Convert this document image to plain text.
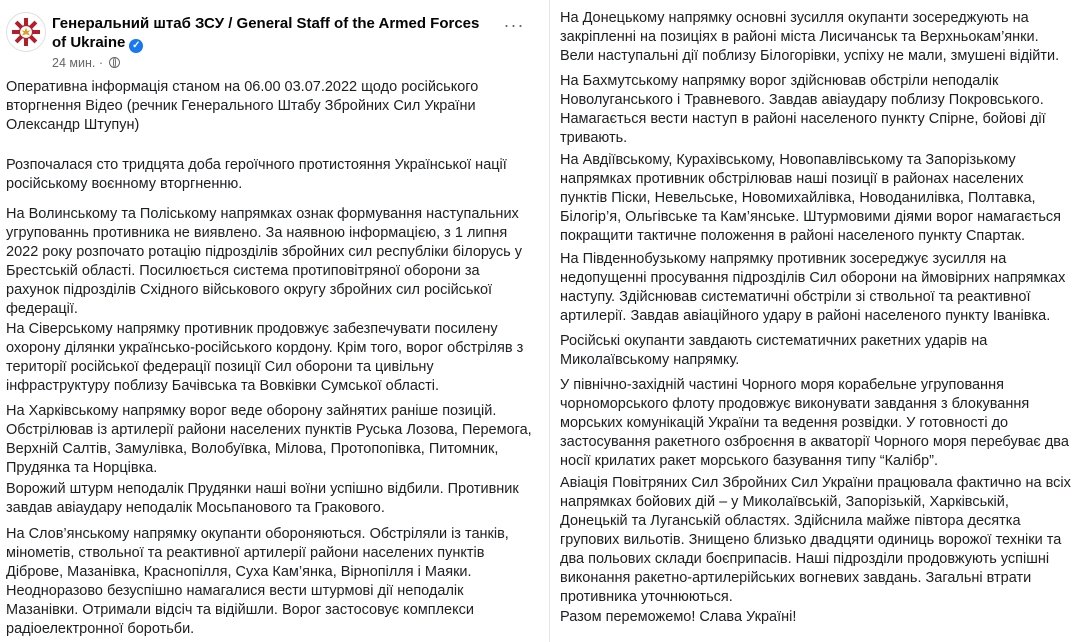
Генеральний штаб ЗСУ / General Staff of the Armed Forces of Ukraine ✓
24 мин. ·
···
Оперативна інформація станом на 06.00 03.07.2022 щодо російського вторгнення Відео (речник Генерального Штабу Збройних Сил України Олександр Штупун)
Розпочалася сто тридцята доба героїчного протистояння Української нації російському воєнному вторгненню.
На Волинському та Поліському напрямках ознак формування наступальних угрупованнь противника не виявлено. За наявною інформацією, з 1 липня 2022 року розпочато ротацію підрозділів збройних сил республіки білорусь у Брестській області. Посилюється система протиповітряної оборони за рахунок підрозділів Східного військового округу збройних сил російської федерації.
На Сіверському напрямку противник продовжує забезпечувати посилену охорону ділянки українсько-російського кордону. Крім того, ворог обстріляв з території російської федерації позиції Сил оборони та цивільну інфраструктуру поблизу Бачівська та Вовківки Сумської області.
На Харківському напрямку ворог веде оборону зайнятих раніше позицій. Обстрілював із артилерії райони населених пунктів Руська Лозова, Перемога, Верхній Салтів, Замулівка, Волобуївка, Мілова, Протопопівка, Питомник, Прудянка та Норцівка.
Ворожий штурм неподалік Прудянки наші воїни успішно відбили. Противник завдав авіаудару неподалік Мосьпанового та Гракового.
На Слов’янському напрямку окупанти обороняються. Обстріляли із танків, мінометів, ствольної та реактивної артилерії райони населених пунктів Діброве, Мазанівка, Краснопілля, Суха Кам’янка, Вірнопілля і Маяки. Неодноразово безуспішно намагалися вести штурмові дії неподалік Мазанівки. Отримали відсіч та відійшли. Ворог застосовує комплекси радіоелектронної боротьби.
На Донецькому напрямку основні зусилля окупанти зосереджують на закріпленні на позиціях в районі міста Лисичанськ та Верхньокам’янки. Вели наступальні дії поблизу Білогорівки, успіху не мали, змушені відійти.
На Бахмутському напрямку ворог здійснював обстріли неподалік Новолуганського і Травневого. Завдав авіаудару поблизу Покровського. Намагається вести наступ в районі населеного пункту Спірне, бойові дії тривають.
На Авдіївському, Курахівському, Новопавлівському та Запорізькому напрямках противник обстрілював наші позиції в районах населених пунктів Піски, Невельське, Новомихайлівка, Новоданилівка, Полтавка, Білогір’я, Ольгівське та Кам’янське. Штурмовими діями ворог намагається покращити тактичне положення в районі населеного пункту Спартак.
На Південнобузькому напрямку противник зосереджує зусилля на недопущенні просування підрозділів Сил оборони на ймовірних напрямках наступу. Здійснював систематичні обстріли зі ствольної та реактивної артилерії. Завдав авіаційного удару в районі населеного пункту Іванівка.
Російські окупанти завдають систематичних ракетних ударів на Миколаївському напрямку.
У північно-західній частині Чорного моря корабельне угруповання чорноморського флоту продовжує виконувати завдання з блокування морських комунікацій України та ведення розвідки. У готовності до застосування ракетного озброєння в акваторії Чорного моря перебуває два носії крилатих ракет морського базування типу “Калібр”.
Авіація Повітряних Сил Збройних Сил України працювала фактично на всіх напрямках бойових дій – у Миколаївській, Запорізькій, Харківській, Донецькій та Луганській областях. Здійснила майже півтора десятка групових вильотів. Знищено близько двадцяти одиниць ворожої техніки та два польових склади боєприпасів. Наші підрозділи продовжують успішні виконання ракетно-артилерійських вогневих завдань. Загальні втрати противника уточнюються.
Разом переможемо! Слава Україні!
